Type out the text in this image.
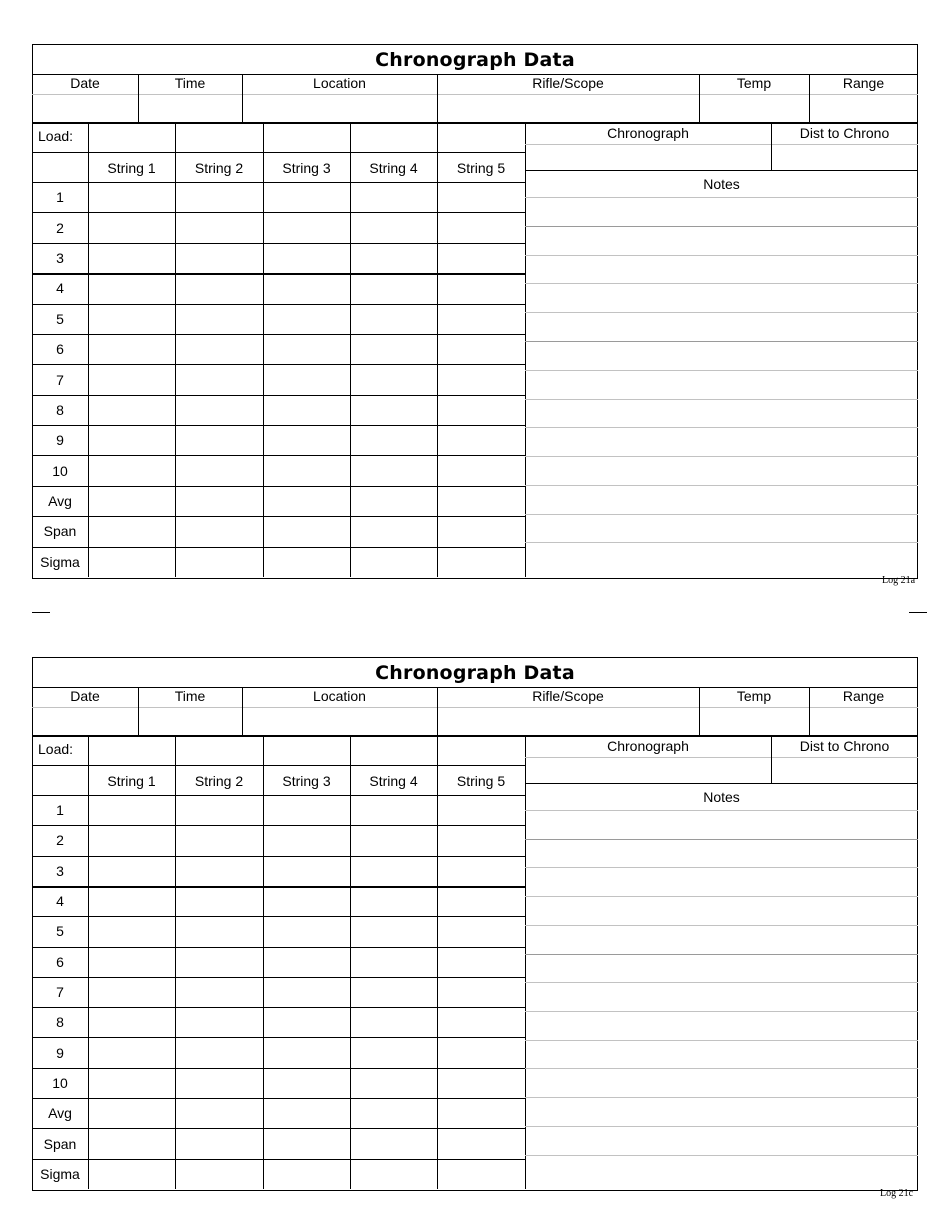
Chronograph Data
Date	Time	Location	Rifle/Scope	Temp	Range
Load:
String 1	String 2	String 3	String 4	String 5
1
2
3
4
5
6
7
8
9
10
Avg
Span
Sigma
Chronograph	Dist to Chrono
Notes
Log 21a
Chronograph Data
Date	Time	Location	Rifle/Scope	Temp	Range
Load:
String 1	String 2	String 3	String 4	String 5
1
2
3
4
5
6
7
8
9
10
Avg
Span
Sigma
Chronograph	Dist to Chrono
Notes
Log 21c
